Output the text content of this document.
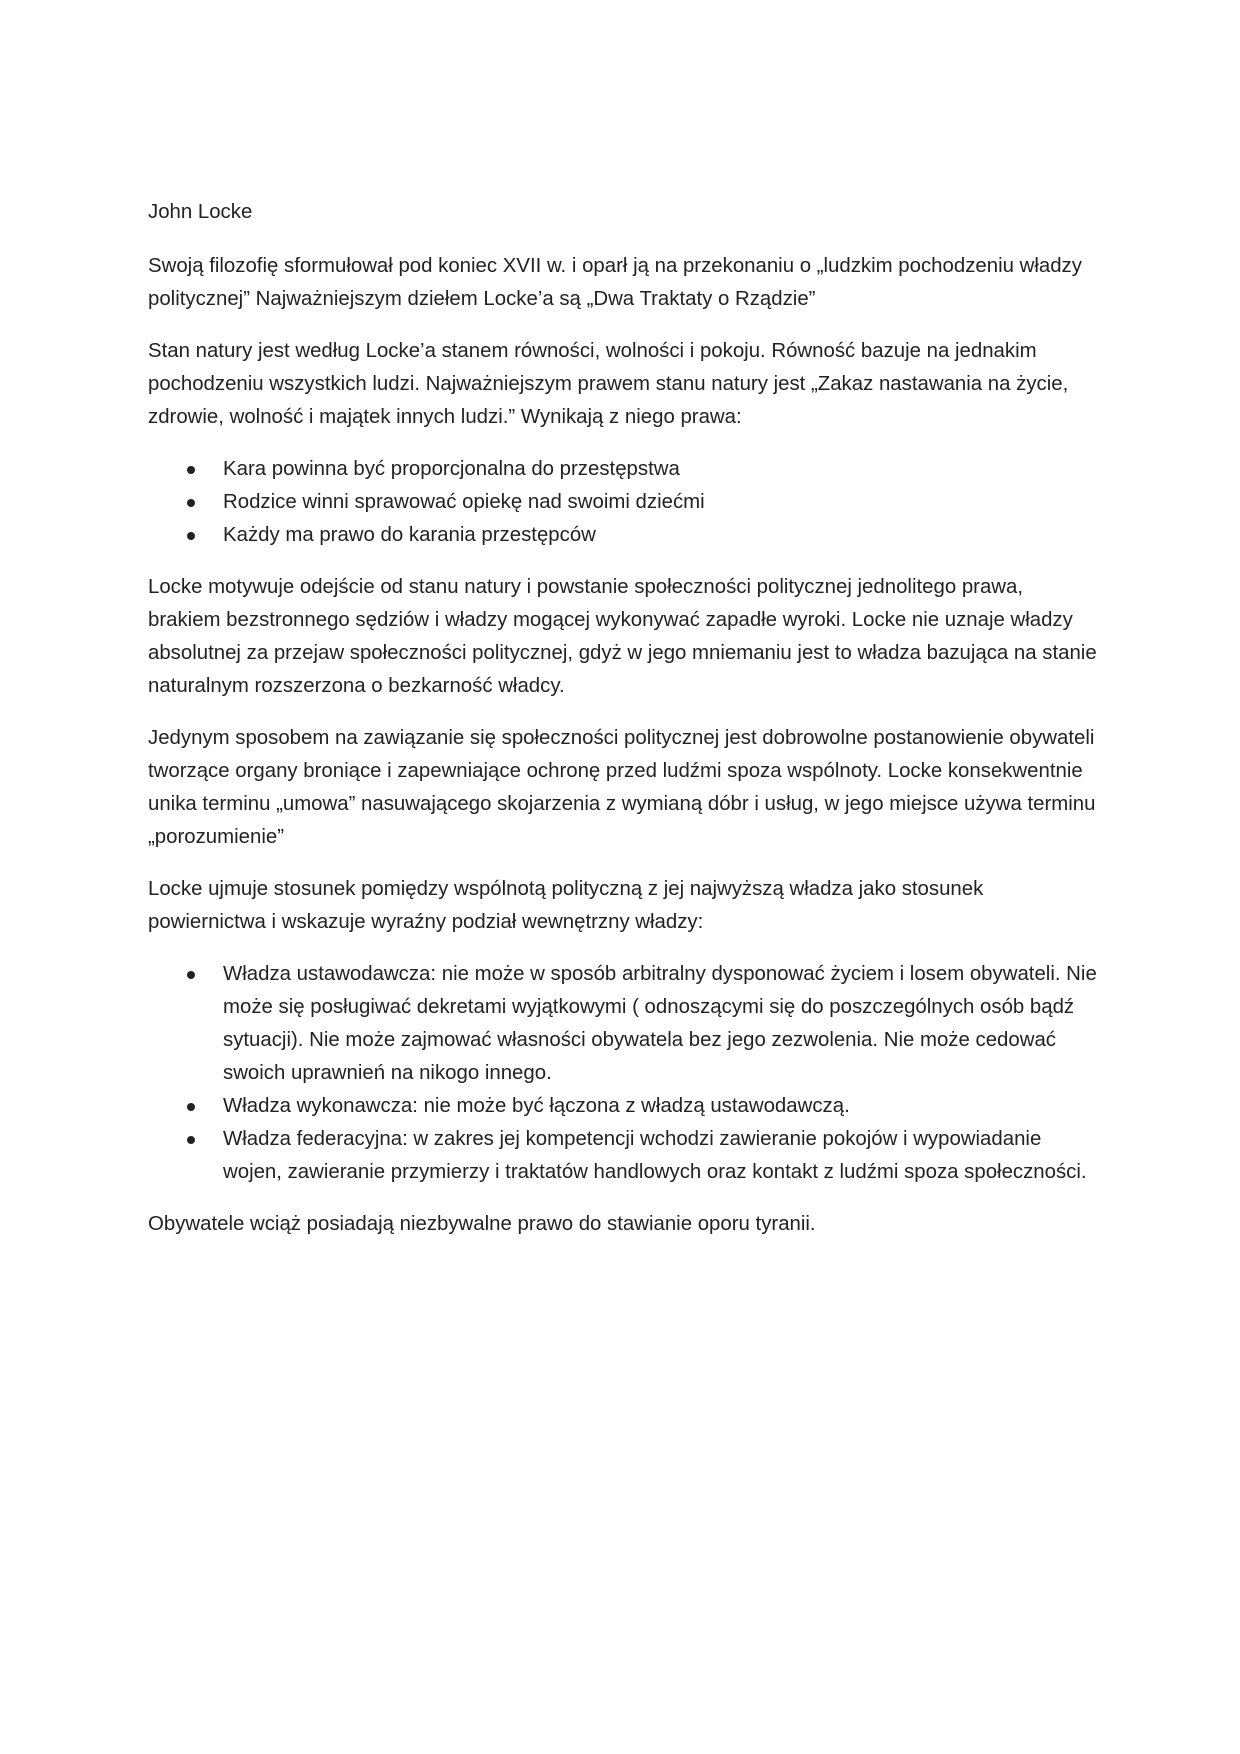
John Locke

Swoją filozofię sformułował pod koniec XVII w. i oparł ją na przekonaniu o „ludzkim pochodzeniu władzy politycznej” Najważniejszym dziełem Locke’a są „Dwa Traktaty o Rządzie”

Stan natury jest według Locke’a stanem równości, wolności i pokoju. Równość bazuje na jednakim pochodzeniu wszystkich ludzi. Najważniejszym prawem stanu natury jest „Zakaz nastawania na życie, zdrowie, wolność i majątek innych ludzi.” Wynikają z niego prawa:

Kara powinna być proporcjonalna do przestępstwa
Rodzice winni sprawować opiekę nad swoimi dziećmi
Każdy ma prawo do karania przestępców

Locke motywuje odejście od stanu natury i powstanie społeczności politycznej jednolitego prawa, brakiem bezstronnego sędziów i władzy mogącej wykonywać zapadłe wyroki. Locke nie uznaje władzy absolutnej za przejaw społeczności politycznej, gdyż w jego mniemaniu jest to władza bazująca na stanie naturalnym rozszerzona o bezkarność władcy.

Jedynym sposobem na zawiązanie się społeczności politycznej jest dobrowolne postanowienie obywateli tworzące organy broniące i zapewniające ochronę przed ludźmi spoza wspólnoty. Locke konsekwentnie unika terminu „umowa” nasuwającego skojarzenia z wymianą dóbr i usług, w jego miejsce używa terminu „porozumienie”

Locke ujmuje stosunek pomiędzy wspólnotą polityczną z jej najwyższą władza jako stosunek powiernictwa i wskazuje wyraźny podział wewnętrzny władzy:

Władza ustawodawcza: nie może w sposób arbitralny dysponować życiem i losem obywateli. Nie może się posługiwać dekretami wyjątkowymi ( odnoszącymi się do poszczególnych osób bądź sytuacji). Nie może zajmować własności obywatela bez jego zezwolenia. Nie może cedować swoich uprawnień na nikogo innego.
Władza wykonawcza: nie może być łączona z władzą ustawodawczą.
Władza federacyjna: w zakres jej kompetencji wchodzi zawieranie pokojów i wypowiadanie wojen, zawieranie przymierzy i traktatów handlowych oraz kontakt z ludźmi spoza społeczności.

Obywatele wciąż posiadają niezbywalne prawo do stawianie oporu tyranii.
